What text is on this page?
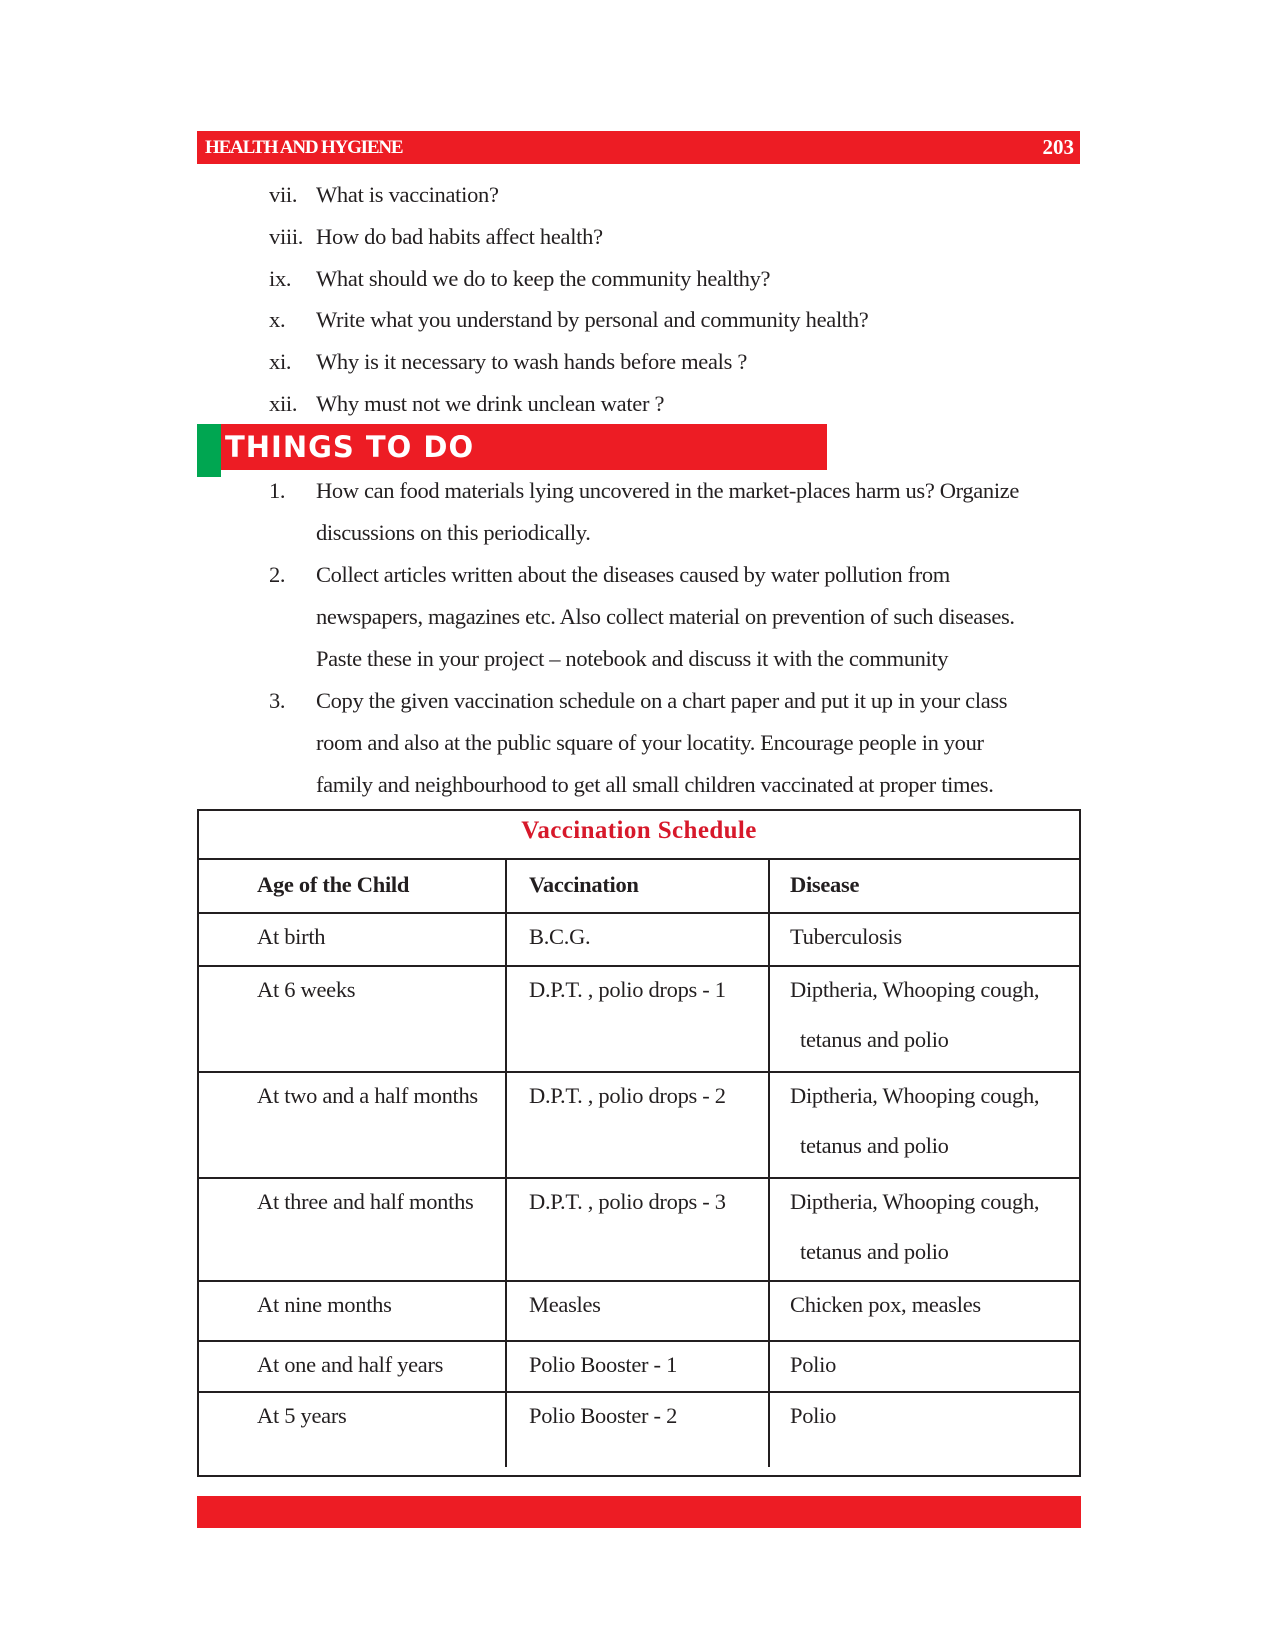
HEALTH AND HYGIENE	203
vii. What is vaccination?
viii. How do bad habits affect health?
ix. What should we do to keep the community healthy?
x. Write what you understand by personal and community health?
xi. Why is it necessary to wash hands before meals ?
xii. Why must not we drink unclean water ?
THINGS TO DO
1. How can food materials lying uncovered in the market-places harm us? Organize
discussions on this periodically.
2. Collect articles written about the diseases caused by water pollution from
newspapers, magazines etc. Also collect material on prevention of such diseases.
Paste these in your project – notebook and discuss it with the community
3. Copy the given vaccination schedule on a chart paper and put it up in your class
room and also at the public square of your locatity. Encourage people in your
family and neighbourhood to get all small children vaccinated at proper times.
Vaccination Schedule
Age of the Child	Vaccination	Disease
At birth	B.C.G.	Tuberculosis
At 6 weeks	D.P.T. , polio drops - 1	Diptheria, Whooping cough,
tetanus and polio
At two and a half months	D.P.T. , polio drops - 2	Diptheria, Whooping cough,
tetanus and polio
At three and half months	D.P.T. , polio drops - 3	Diptheria, Whooping cough,
tetanus and polio
At nine months	Measles	Chicken pox, measles
At one and half years	Polio Booster - 1	Polio
At 5 years	Polio Booster - 2	Polio
